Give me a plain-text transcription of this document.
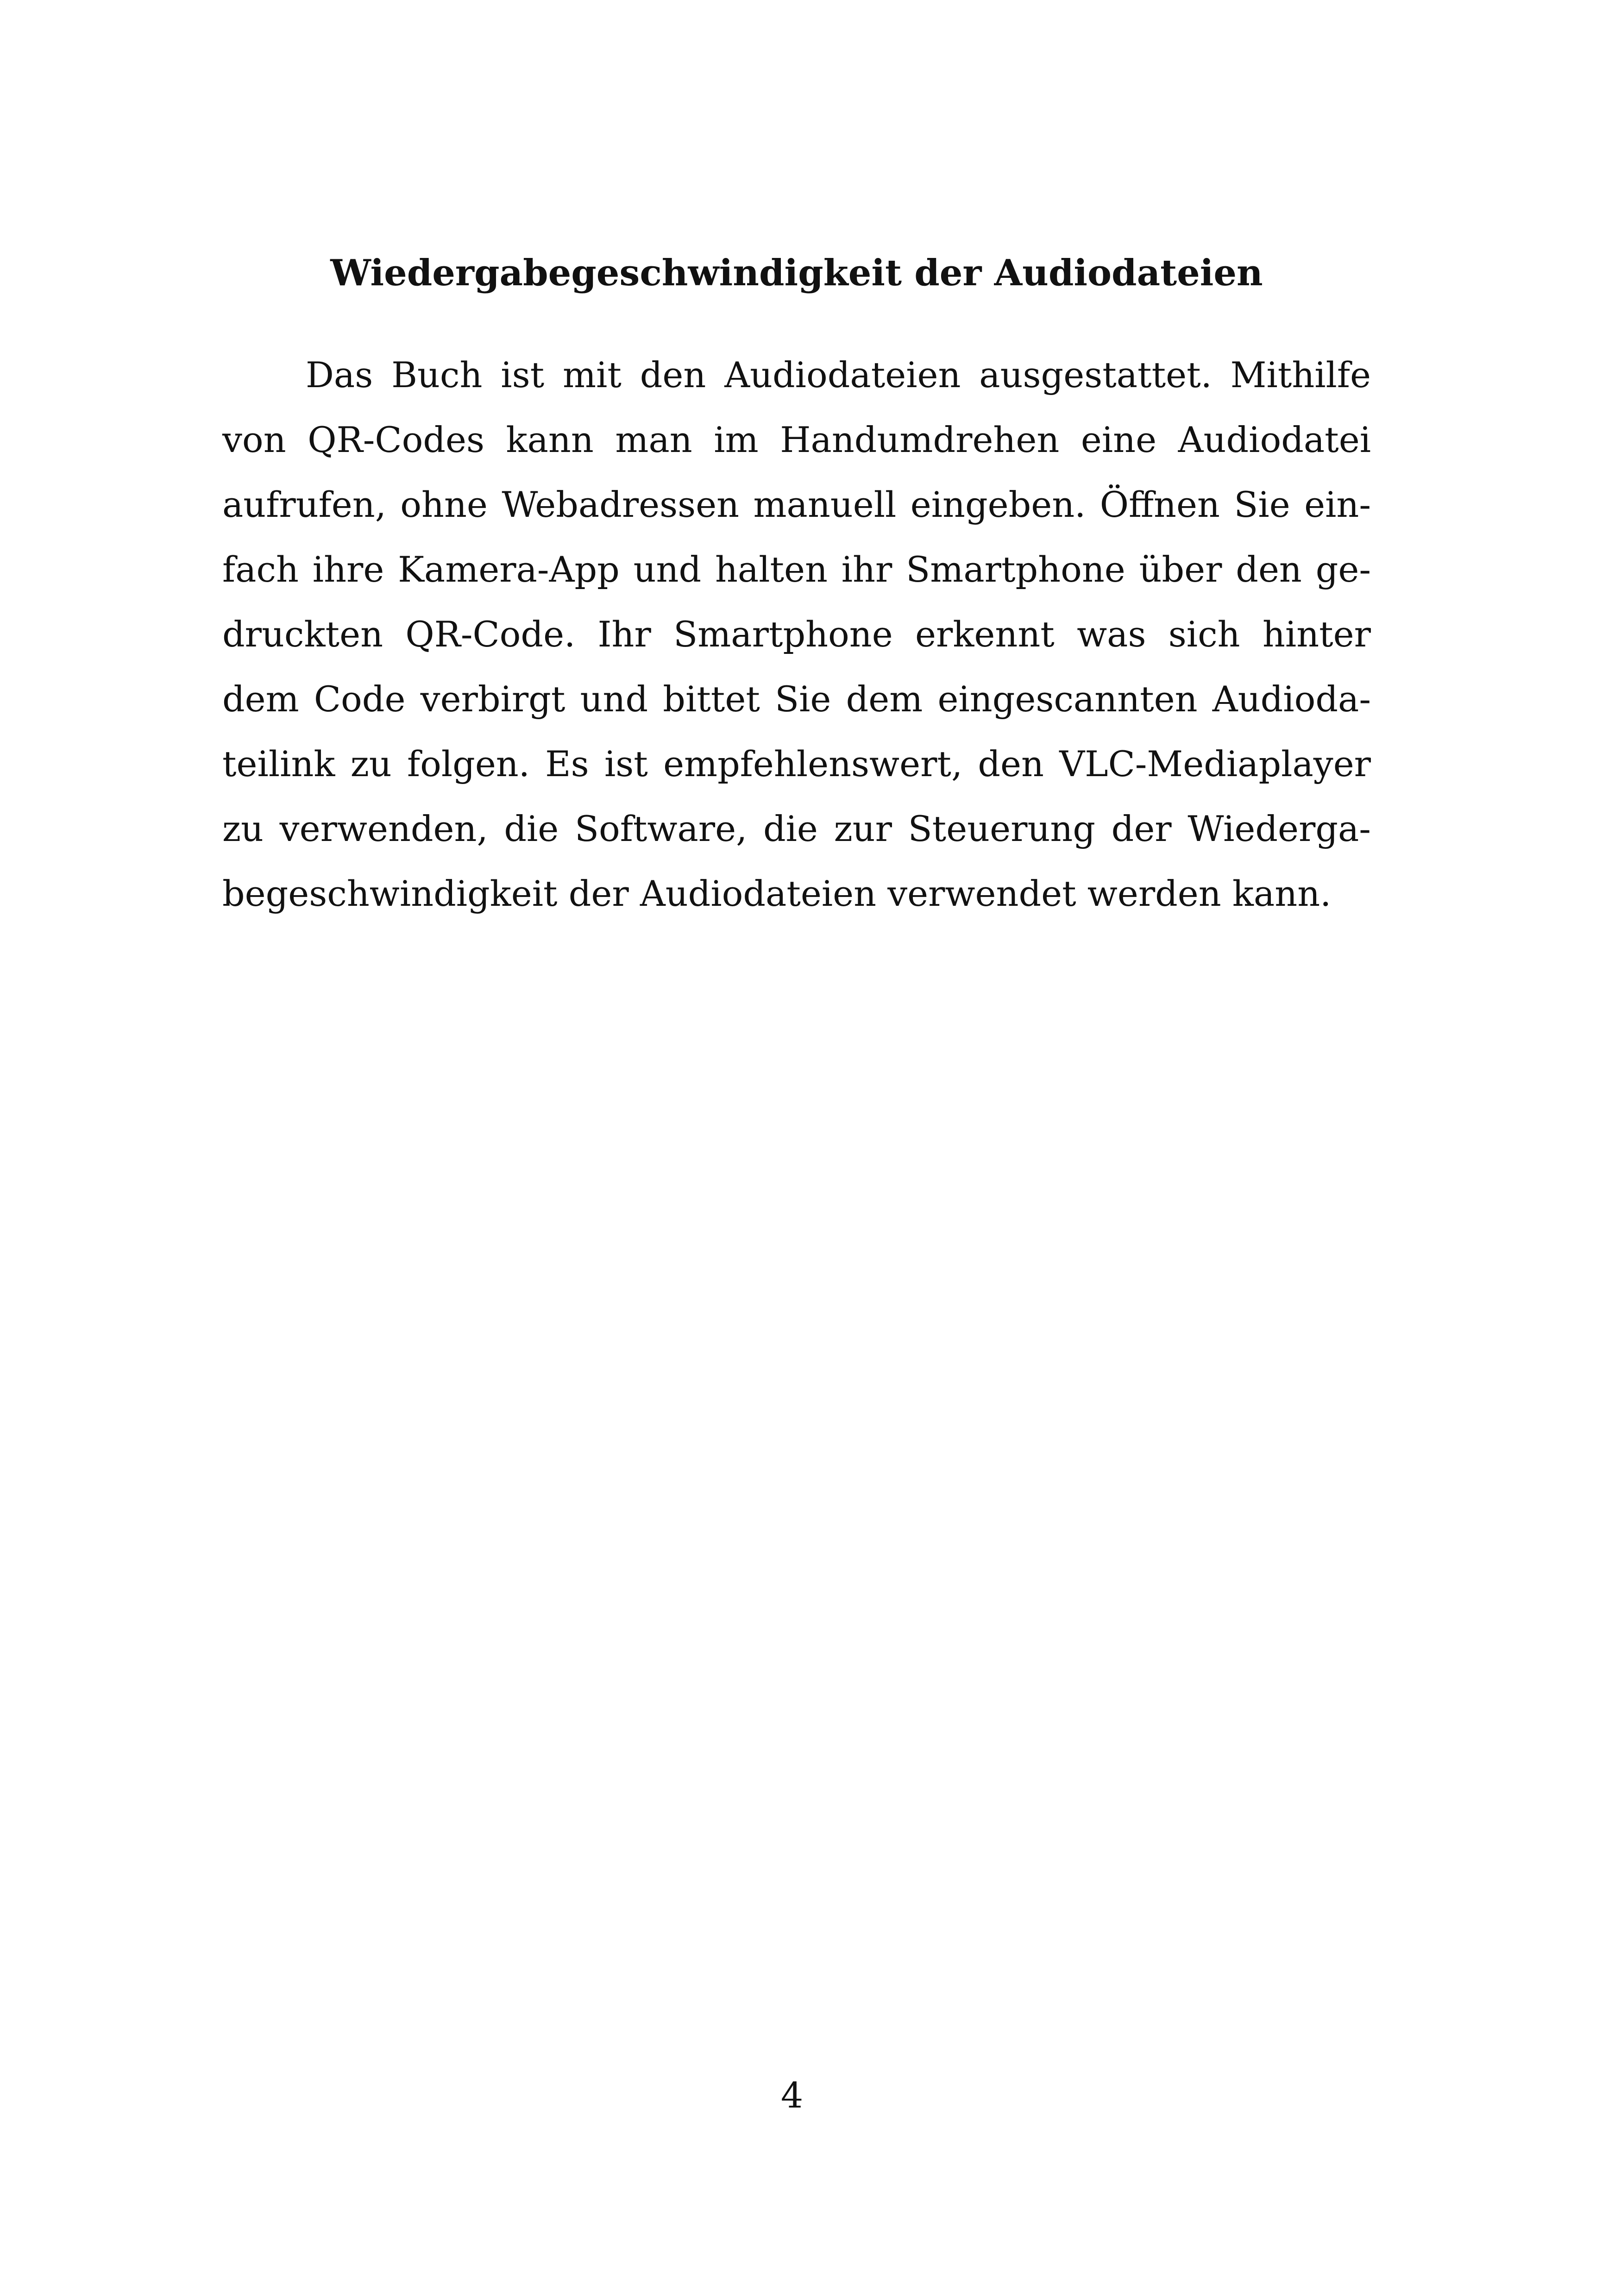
Wiedergabegeschwindigkeit der Audiodateien
Das Buch ist mit den Audiodateien ausgestattet. Mithilfe
von QR-Codes kann man im Handumdrehen eine Audiodatei
aufrufen, ohne Webadressen manuell eingeben. Öffnen Sie ein-
fach ihre Kamera-App und halten ihr Smartphone über den ge-
druckten QR-Code. Ihr Smartphone erkennt was sich hinter
dem Code verbirgt und bittet Sie dem eingescannten Audioda-
teilink zu folgen. Es ist empfehlenswert, den VLC-Mediaplayer
zu verwenden, die Software, die zur Steuerung der Wiederga-
begeschwindigkeit der Audiodateien verwendet werden kann.
4
